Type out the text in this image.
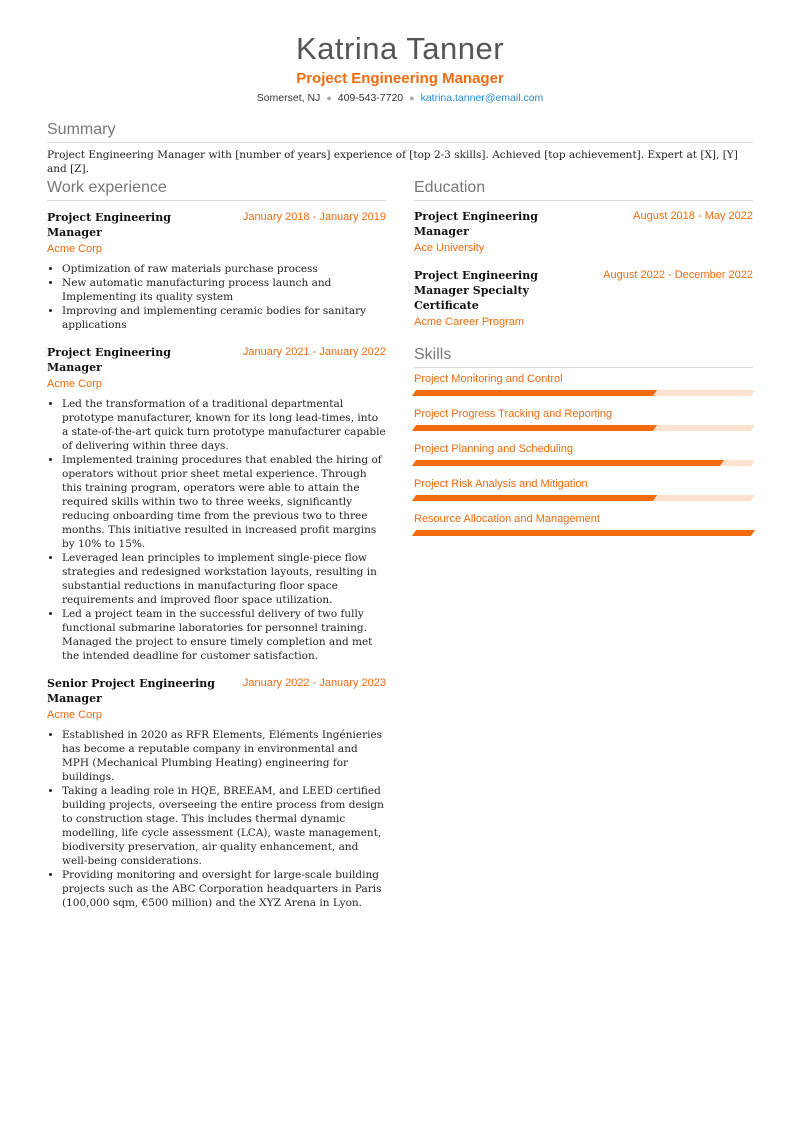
Katrina Tanner
Project Engineering Manager
Somerset, NJ ● 409-543-7720 ● katrina.tanner@email.com
Summary
Project Engineering Manager with [number of years] experience of [top 2-3 skills]. Achieved [top achievement]. Expert at [X], [Y] and [Z].
Work experience
Project Engineering Manager
January 2018 - January 2019
Acme Corp
• Optimization of raw materials purchase process
• New automatic manufacturing process launch and Implementing its quality system
• Improving and implementing ceramic bodies for sanitary applications
Project Engineering Manager
January 2021 - January 2022
Acme Corp
• Led the transformation of a traditional departmental prototype manufacturer, known for its long lead-times, into a state-of-the-art quick turn prototype manufacturer capable of delivering within three days.
• Implemented training procedures that enabled the hiring of operators without prior sheet metal experience. Through this training program, operators were able to attain the required skills within two to three weeks, significantly reducing onboarding time from the previous two to three months. This initiative resulted in increased profit margins by 10% to 15%.
• Leveraged lean principles to implement single-piece flow strategies and redesigned workstation layouts, resulting in substantial reductions in manufacturing floor space requirements and improved floor space utilization.
• Led a project team in the successful delivery of two fully functional submarine laboratories for personnel training. Managed the project to ensure timely completion and met the intended deadline for customer satisfaction.
Senior Project Engineering Manager
January 2022 - January 2023
Acme Corp
• Established in 2020 as RFR Elements, Eléments Ingénieries has become a reputable company in environmental and MPH (Mechanical Plumbing Heating) engineering for buildings.
• Taking a leading role in HQE, BREEAM, and LEED certified building projects, overseeing the entire process from design to construction stage. This includes thermal dynamic modelling, life cycle assessment (LCA), waste management, biodiversity preservation, air quality enhancement, and well-being considerations.
• Providing monitoring and oversight for large-scale building projects such as the ABC Corporation headquarters in Paris (100,000 sqm, €500 million) and the XYZ Arena in Lyon.
Education
Project Engineering Manager
August 2018 - May 2022
Ace University
Project Engineering Manager Specialty Certificate
August 2022 - December 2022
Acme Career Program
Skills
Project Monitoring and Control
Project Progress Tracking and Reporting
Project Planning and Scheduling
Project Risk Analysis and Mitigation
Resource Allocation and Management
